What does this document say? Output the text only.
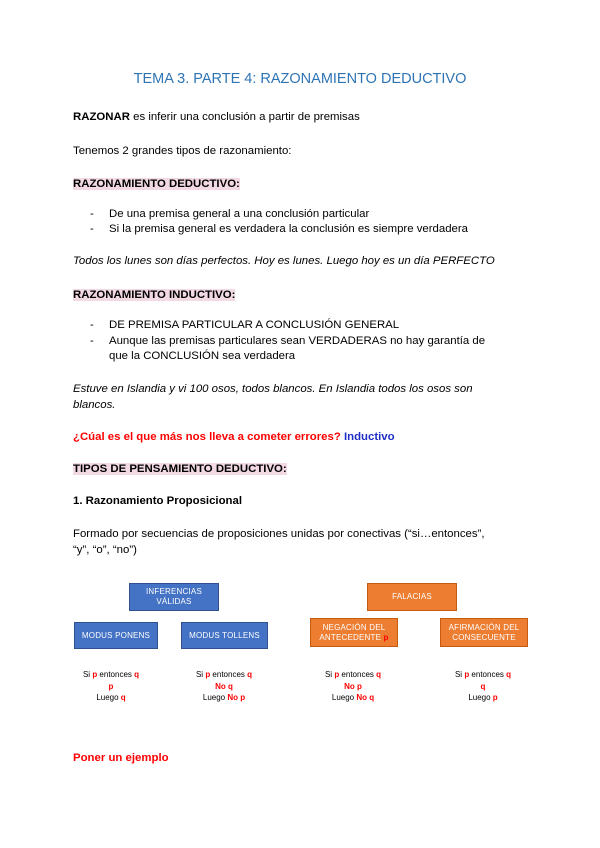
TEMA 3. PARTE 4: RAZONAMIENTO DEDUCTIVO
RAZONAR es inferir una conclusión a partir de premisas
Tenemos 2 grandes tipos de razonamiento:
RAZONAMIENTO DEDUCTIVO:
- De una premisa general a una conclusión particular
- Si la premisa general es verdadera la conclusión es siempre verdadera
Todos los lunes son días perfectos. Hoy es lunes. Luego hoy es un día PERFECTO
RAZONAMIENTO INDUCTIVO:
- DE PREMISA PARTICULAR A CONCLUSIÓN GENERAL
- Aunque las premisas particulares sean VERDADERAS no hay garantía de
que la CONCLUSIÓN sea verdadera
Estuve en Islandia y vi 100 osos, todos blancos. En Islandia todos los osos son
blancos.
¿Cúal es el que más nos lleva a cometer errores? Inductivo
TIPOS DE PENSAMIENTO DEDUCTIVO:
1. Razonamiento Proposicional
Formado por secuencias de proposiciones unidas por conectivas (“si…entonces”,
“y”, “o”, “no”)
INFERENCIAS
VÁLIDAS
FALACIAS
MODUS PONENS	MODUS TOLLENS
NEGACIÓN DEL
ANTECEDENTE p
AFIRMACIÓN DEL
CONSECUENTE
Si p entonces q
p
Luego q
Si p entonces q
No q
Luego No p
Si p entonces q
No p
Luego No q
Si p entonces q
q
Luego p
Poner un ejemplo
